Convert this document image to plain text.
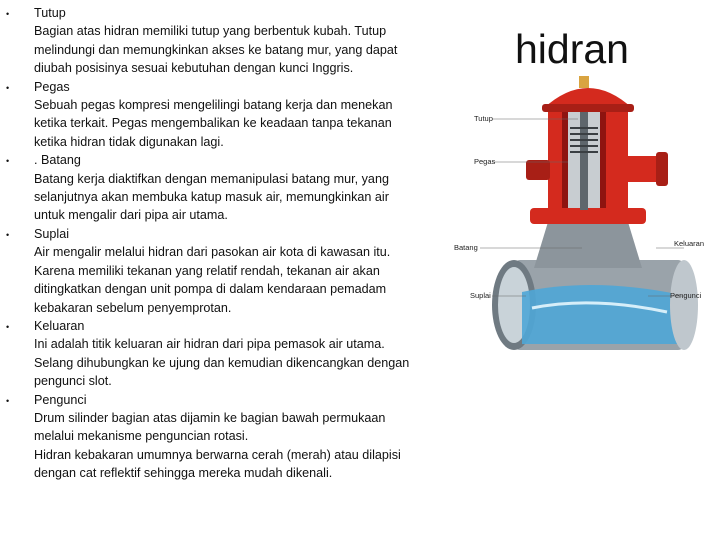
• Tutup
Bagian atas hidran memiliki tutup yang berbentuk kubah. Tutup
melindungi dan memungkinkan akses ke batang mur, yang dapat
diubah posisinya sesuai kebutuhan dengan kunci Inggris.
• Pegas
Sebuah pegas kompresi mengelilingi batang kerja dan menekan
ketika terkait. Pegas mengembalikan ke keadaan tanpa tekanan
ketika hidran tidak digunakan lagi.
• . Batang
Batang kerja diaktifkan dengan memanipulasi batang mur, yang
selanjutnya akan membuka katup masuk air, memungkinkan air
untuk mengalir dari pipa air utama.
• Suplai
Air mengalir melalui hidran dari pasokan air kota di kawasan itu.
Karena memiliki tekanan yang relatif rendah, tekanan air akan
ditingkatkan dengan unit pompa di dalam kendaraan pemadam
kebakaran sebelum penyemprotan.
• Keluaran
Ini adalah titik keluaran air hidran dari pipa pemasok air utama.
Selang dihubungkan ke ujung dan kemudian dikencangkan dengan
pengunci slot.
• Pengunci
Drum silinder bagian atas dijamin ke bagian bawah permukaan
melalui mekanisme penguncian rotasi.
Hidran kebakaran umumnya berwarna cerah (merah) atau dilapisi
dengan cat reflektif sehingga mereka mudah dikenali.
hidran
Tutup
Pegas
Batang	Keluaran
Suplai	Pengunci
